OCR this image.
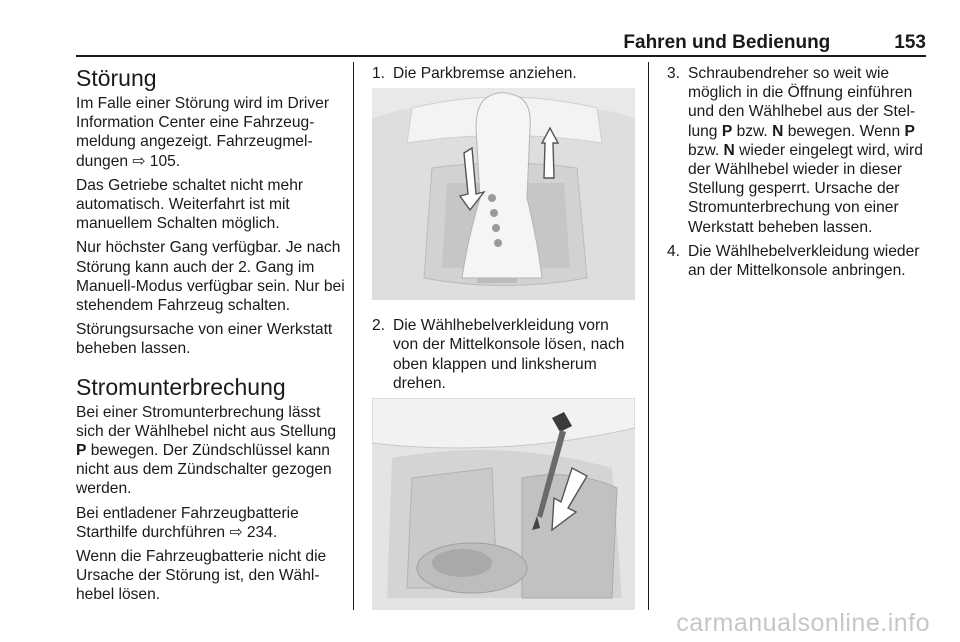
Fahren und Bedienung	153
Störung

Im Falle einer Störung wird im Driver Information Center eine Fahrzeug-meldung angezeigt. Fahrzeugmel-dungen ⇨ 105.

Das Getriebe schaltet nicht mehr automatisch. Weiterfahrt ist mit manuellem Schalten möglich.

Nur höchster Gang verfügbar. Je nach Störung kann auch der 2. Gang im Manuell-Modus verfügbar sein. Nur bei stehendem Fahrzeug schalten.

Störungsursache von einer Werkstatt beheben lassen.

Stromunterbrechung

Bei einer Stromunterbrechung lässt sich der Wählhebel nicht aus Stellung P bewegen. Der Zündschlüssel kann nicht aus dem Zündschalter gezogen werden.

Bei entladener Fahrzeugbatterie Starthilfe durchführen ⇨ 234.

Wenn die Fahrzeugbatterie nicht die Ursache der Störung ist, den Wähl-hebel lösen.

1. Die Parkbremse anziehen.
2. Die Wählhebelverkleidung vorn von der Mittelkonsole lösen, nach oben klappen und linksherum drehen.
3. Schraubendreher so weit wie möglich in die Öffnung einführen und den Wählhebel aus der Stel-lung P bzw. N bewegen. Wenn P bzw. N wieder eingelegt wird, wird der Wählhebel wieder in dieser Stellung gesperrt. Ursache der Stromunterbrechung von einer Werkstatt beheben lassen.
4. Die Wählhebelverkleidung wieder an der Mittelkonsole anbringen.
carmanualsonline.info
